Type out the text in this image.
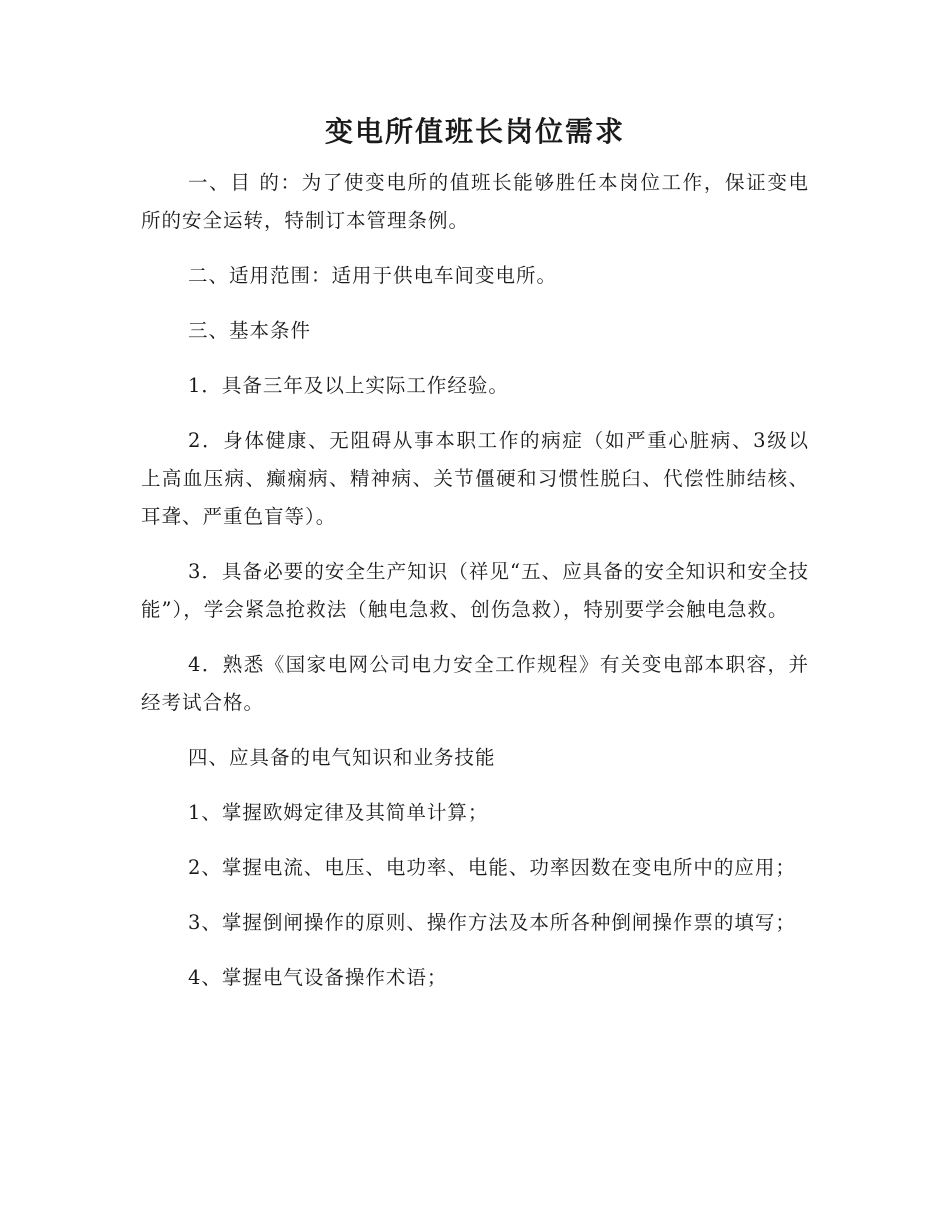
变电所值班长岗位需求

一、目 的：为了使变电所的值班长能够胜任本岗位工作，保证变电所的安全运转，特制订本管理条例。

二、适用范围：适用于供电车间变电所。

三、基本条件

1．具备三年及以上实际工作经验。

2．身体健康、无阻碍从事本职工作的病症（如严重心脏病、3级以上高血压病、癫痫病、精神病、关节僵硬和习惯性脱臼、代偿性肺结核、耳聋、严重色盲等）。

3．具备必要的安全生产知识（祥见“五、应具备的安全知识和安全技能”），学会紧急抢救法（触电急救、创伤急救），特别要学会触电急救。

4．熟悉《国家电网公司电力安全工作规程》有关变电部本职容，并经考试合格。

四、应具备的电气知识和业务技能

1、掌握欧姆定律及其简单计算；

2、掌握电流、电压、电功率、电能、功率因数在变电所中的应用；

3、掌握倒闸操作的原则、操作方法及本所各种倒闸操作票的填写；

4、掌握电气设备操作术语；
